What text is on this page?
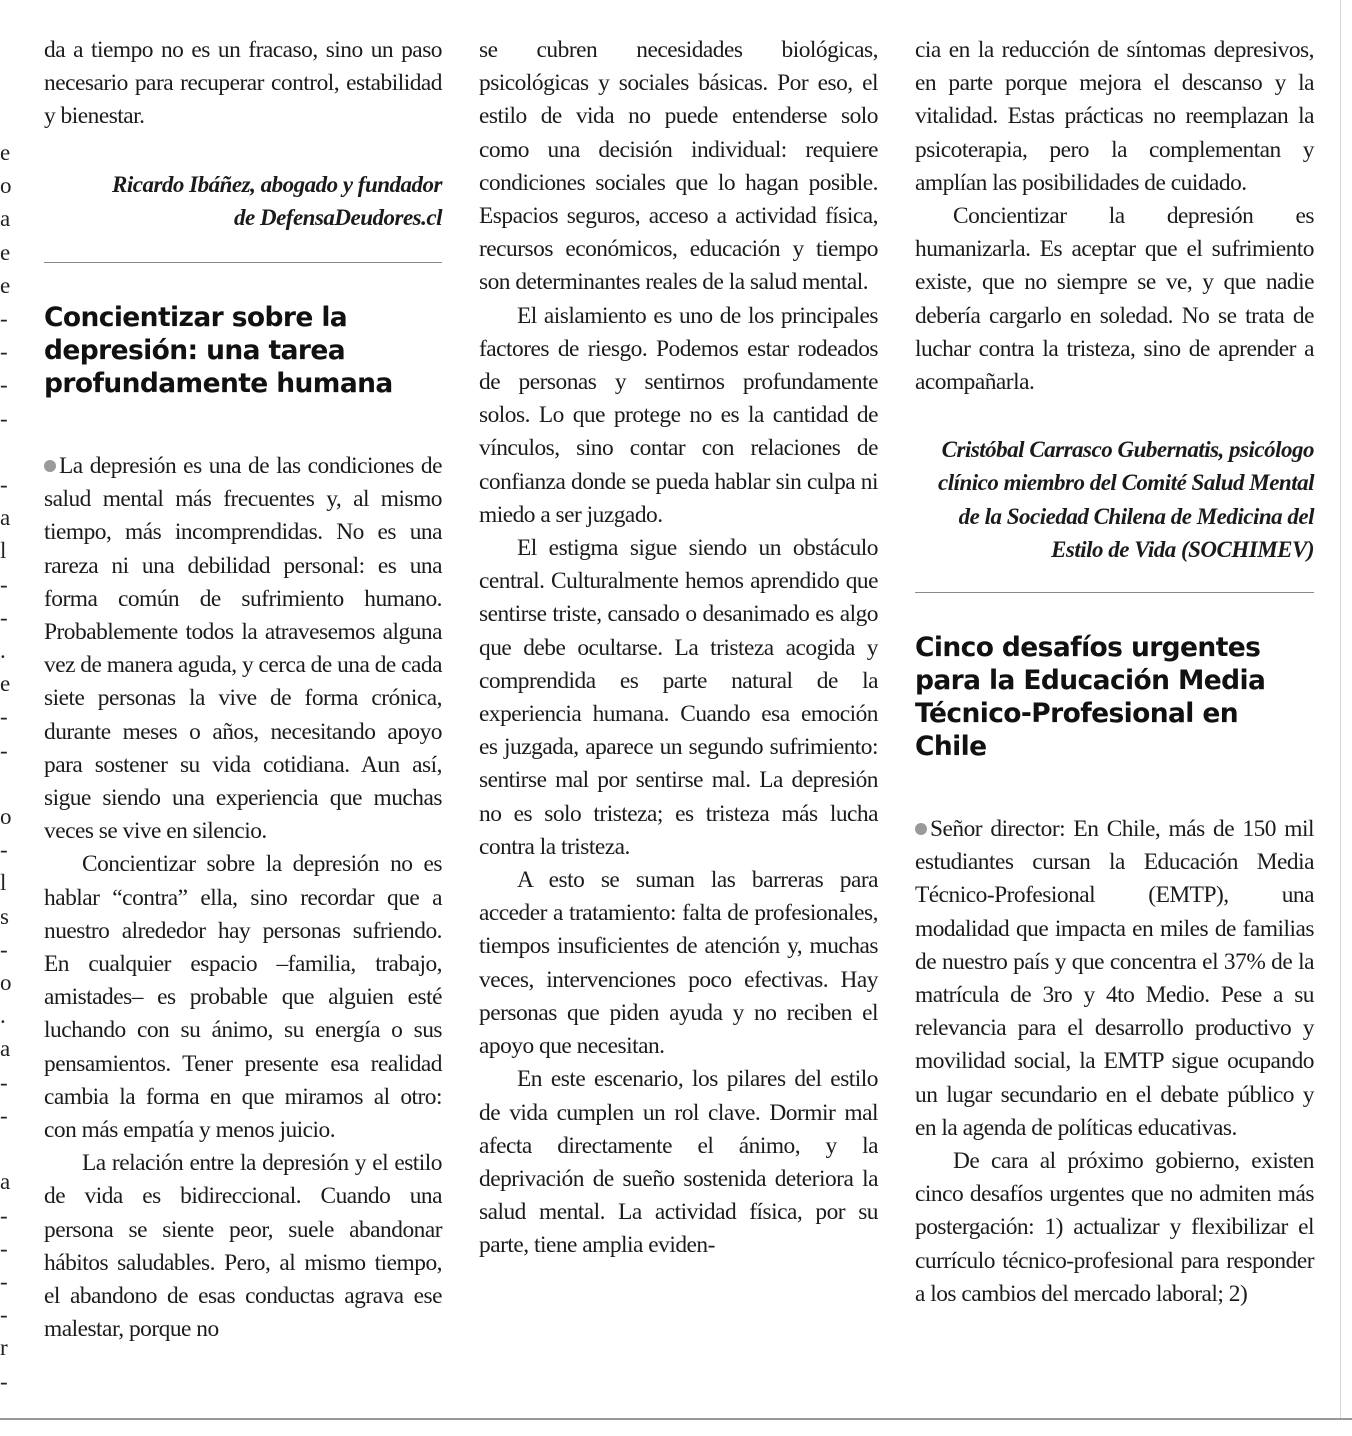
e
o
a
e
e
-
-
-
-

-
a
l
-
-
.
e
-
-

o
-
l
s
-
o
.
a
-
-

a
-
-
-
-
r
-

da a tiempo no es un fracaso, sino un paso necesario para recuperar control, estabilidad y bienestar.

Ricardo Ibáñez, abogado y fundador

de DefensaDeudores.cl

Concientizar sobre la depresión: una tarea profundamente humana

La depresión es una de las condiciones de salud mental más frecuentes y, al mismo tiempo, más incomprendidas. No es una rareza ni una debilidad personal: es una forma común de sufrimiento humano. Probablemente todos la atravesemos alguna vez de manera aguda, y cerca de una de cada siete personas la vive de forma crónica, durante meses o años, necesitando apoyo para sostener su vida cotidiana. Aun así, sigue siendo una experiencia que muchas veces se vive en silencio.

Concientizar sobre la depresión no es hablar “contra” ella, sino recordar que a nuestro alrededor hay personas sufriendo. En cualquier espacio –familia, trabajo, amistades– es probable que alguien esté luchando con su ánimo, su energía o sus pensamientos. Tener presente esa realidad cambia la forma en que miramos al otro: con más empatía y menos juicio.

La relación entre la depresión y el estilo de vida es bidireccional. Cuando una persona se siente peor, suele abandonar hábitos saludables. Pero, al mismo tiempo, el abandono de esas conductas agrava ese malestar, porque no

se cubren necesidades biológicas, psicológicas y sociales básicas. Por eso, el estilo de vida no puede entenderse solo como una decisión individual: requiere condiciones sociales que lo hagan posible. Espacios seguros, acceso a actividad física, recursos económicos, educación y tiempo son determinantes reales de la salud mental.

El aislamiento es uno de los principales factores de riesgo. Podemos estar rodeados de personas y sentirnos profundamente solos. Lo que protege no es la cantidad de vínculos, sino contar con relaciones de confianza donde se pueda hablar sin culpa ni miedo a ser juzgado.

El estigma sigue siendo un obstáculo central. Culturalmente hemos aprendido que sentirse triste, cansado o desanimado es algo que debe ocultarse. La tristeza acogida y comprendida es parte natural de la experiencia humana. Cuando esa emoción es juzgada, aparece un segundo sufrimiento: sentirse mal por sentirse mal. La depresión no es solo tristeza; es tristeza más lucha contra la tristeza.

A esto se suman las barreras para acceder a tratamiento: falta de profesionales, tiempos insuficientes de atención y, muchas veces, intervenciones poco efectivas. Hay personas que piden ayuda y no reciben el apoyo que necesitan.

En este escenario, los pilares del estilo de vida cumplen un rol clave. Dormir mal afecta directamente el ánimo, y la deprivación de sueño sostenida deteriora la salud mental. La actividad física, por su parte, tiene amplia eviden-

cia en la reducción de síntomas depresivos, en parte porque mejora el descanso y la vitalidad. Estas prácticas no reemplazan la psicoterapia, pero la complementan y amplían las posibilidades de cuidado.

Concientizar la depresión es humanizarla. Es aceptar que el sufrimiento existe, que no siempre se ve, y que nadie debería cargarlo en soledad. No se trata de luchar contra la tristeza, sino de aprender a acompañarla.

Cristóbal Carrasco Gubernatis, psicólogo clínico miembro del Comité Salud Mental de la Sociedad Chilena de Medicina del Estilo de Vida (SOCHIMEV)

Cinco desafíos urgentes para la Educación Media Técnico-Profesional en Chile

Señor director: En Chile, más de 150 mil estudiantes cursan la Educación Media Técnico-Profesional (EMTP), una modalidad que impacta en miles de familias de nuestro país y que concentra el 37% de la matrícula de 3ro y 4to Medio. Pese a su relevancia para el desarrollo productivo y movilidad social, la EMTP sigue ocupando un lugar secundario en el debate público y en la agenda de políticas educativas.

De cara al próximo gobierno, existen cinco desafíos urgentes que no admiten más postergación: 1) actualizar y flexibilizar el currículo técnico-profesional para responder a los cambios del mercado laboral; 2)
